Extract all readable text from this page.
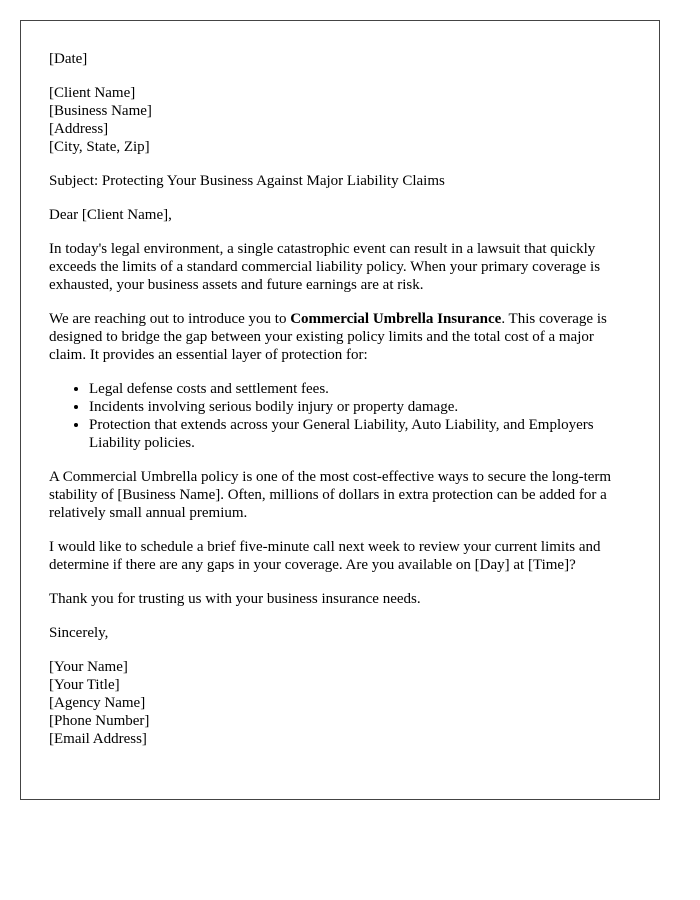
[Date]
[Client Name]
[Business Name]
[Address]
[City, State, Zip]

Subject: Protecting Your Business Against Major Liability Claims

Dear [Client Name],

In today's legal environment, a single catastrophic event can result in a lawsuit that quickly exceeds the limits of a standard commercial liability policy. When your primary coverage is exhausted, your business assets and future earnings are at risk.

We are reaching out to introduce you to Commercial Umbrella Insurance. This coverage is designed to bridge the gap between your existing policy limits and the total cost of a major claim. It provides an essential layer of protection for:

• Legal defense costs and settlement fees.
• Incidents involving serious bodily injury or property damage.
• Protection that extends across your General Liability, Auto Liability, and Employers Liability policies.

A Commercial Umbrella policy is one of the most cost-effective ways to secure the long-term stability of [Business Name]. Often, millions of dollars in extra protection can be added for a relatively small annual premium.

I would like to schedule a brief five-minute call next week to review your current limits and determine if there are any gaps in your coverage. Are you available on [Day] at [Time]?

Thank you for trusting us with your business insurance needs.

Sincerely,

[Your Name]
[Your Title]
[Agency Name]
[Phone Number]
[Email Address]
